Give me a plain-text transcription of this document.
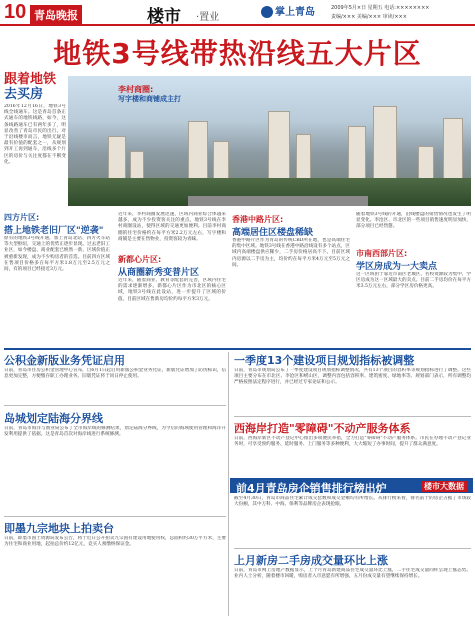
10 青岛晚报	楼市 ·置业	掌上青岛	2009年5月×日 星期五 电话:××××××××
责编/××× 美编/××× 审读/×××
地铁3号线带热沿线五大片区
跟着地铁
去买房
2016年12月16日，地铁3号线全线通车。这是青岛首条正式通车的地铁线路，如今，这条线路通车已有两年多了，明显改善了青岛市民的出行。对于沿线楼市而言，地铁无疑是最有价值的配套之一，从规划到开工再到通车，沿线多个片区的房价与关注度都在不断变化。
四方片区:
搭上地铁老旧厂区"逆袭"
原有的地铁3号线开通，加上青岛北站、四方火车站等大型枢纽，交通上的优势正逐步显现。过去老旧工业区，如今楼盘、商业配套已焕然一新，区域价值正被重新发现，成为不少购房者的首选。目前四方区域在售项目价格多在每平方米1.8万元至2.5万元之间，有的项目已经接近3万元。
李村商圈:
写字楼和商铺成主打
近年来，李村商圈发展迅速，区域内商业综合体越来越多，成为不少投资客关注的重点。地铁3号线在李村商圈设站，使得区域的交通更加便利。目前李村商圈的住宅价格约在每平方米2.2万元左右，写字楼和商铺是主要在售物业，投资客较为青睐。
新都心片区:
从商圈新秀变普片区
近年来，随着商业、教育等配套的完善，区域内住宅的需求逐渐增多。新都心片区作为市北区的核心区域，地铁3号线在此设站，进一步提升了区域的价值。目前区域在售新房均价约每平方米3万元。
香港中路片区:
高端居住区楼盘稀缺
香港中路片区作为青岛的传统CBD所在地，也是高端住宅的集中区域。地铁3号线在香港中路沿线设有多个站点，区域内高端楼盘供应稀少，二手房价格居高不下。目前区域内房源以二手房为主，均价约在每平方米4万元至5万元之间。
随着地铁3号线的开通，沿线楼盘的销售情况也发生了明显变化。李沧区、市北区的一些项目销售速度明显加快，部分项目已经售罄。
市南西部片区:
学区房成为一大卖点
这一区域由于靠近市南区老城区，名校资源较为集中，学区房成为这一区域最大的卖点。目前二手房均价在每平方米3.5万元左右，部分学区房价格更高。
公积金新版业务凭证启用
日前，青岛市住房公积金管理中心宣布，自6月1日起启用新版公积金业务凭证，新版凭证增加了防伪标识，信息更加完整，方便缴存职工办理业务。旧版凭证将于同日停止使用。
岛城划定陆海分界线
日前，青岛市海洋与渔业局公布了全市海岸线的修测结果，划定陆海分界线，为今后的海域使用管理和海洋开发利用提供了依据。这是青岛首次对海岸线进行系统修测。
即墨九宗地块上拍卖台
日前，即墨市国土资源局发布公告，将于近日公开拍卖九宗国有建设用地使用权，总面积约30万平方米，主要为住宅和商业用地，起拍总价约12亿元，竞买人须缴纳保证金。
一季度13个建设项目规划指标被调整
日前，青岛市规划局公布了一季度建设项目规划指标调整情况，共有13个项目的容积率等规划指标进行了调整。这些项目主要分布在市北区、李沧区和崂山区，调整内容包括容积率、建筑密度、绿地率等。规划部门表示，所有调整均严格按照法定程序进行，并已经过专家论证和公示。
西海岸打造"零障碍"不动产服务体系
日前，西海岸新区不动产登记中心推出多项便民举措，全力打造"零障碍"不动产服务体系。市民在办理不动产登记业务时，可享受预约服务、延时服务、上门服务等多种便利，大大缩短了办事时间，提升了群众满意度。
前4月青岛房企销售排行榜出炉	楼市大数据
截至4月30日，青岛市商品住宅累计成交套数和成交金额均有所增长。从排行榜来看，排名前十的房企占据了市场较大份额，其中万科、中海、保利等品牌房企表现抢眼。
上月新房二手房成交量环比上涨
日前，青岛市网上房地产数据显示，上个月青岛新建商品住宅成交量环比上涨，二手住宅成交量同样呈现上涨态势。业内人士分析，随着楼市回暖，购房者入市意愿有所增强，五月份成交量有望继续保持增长。
